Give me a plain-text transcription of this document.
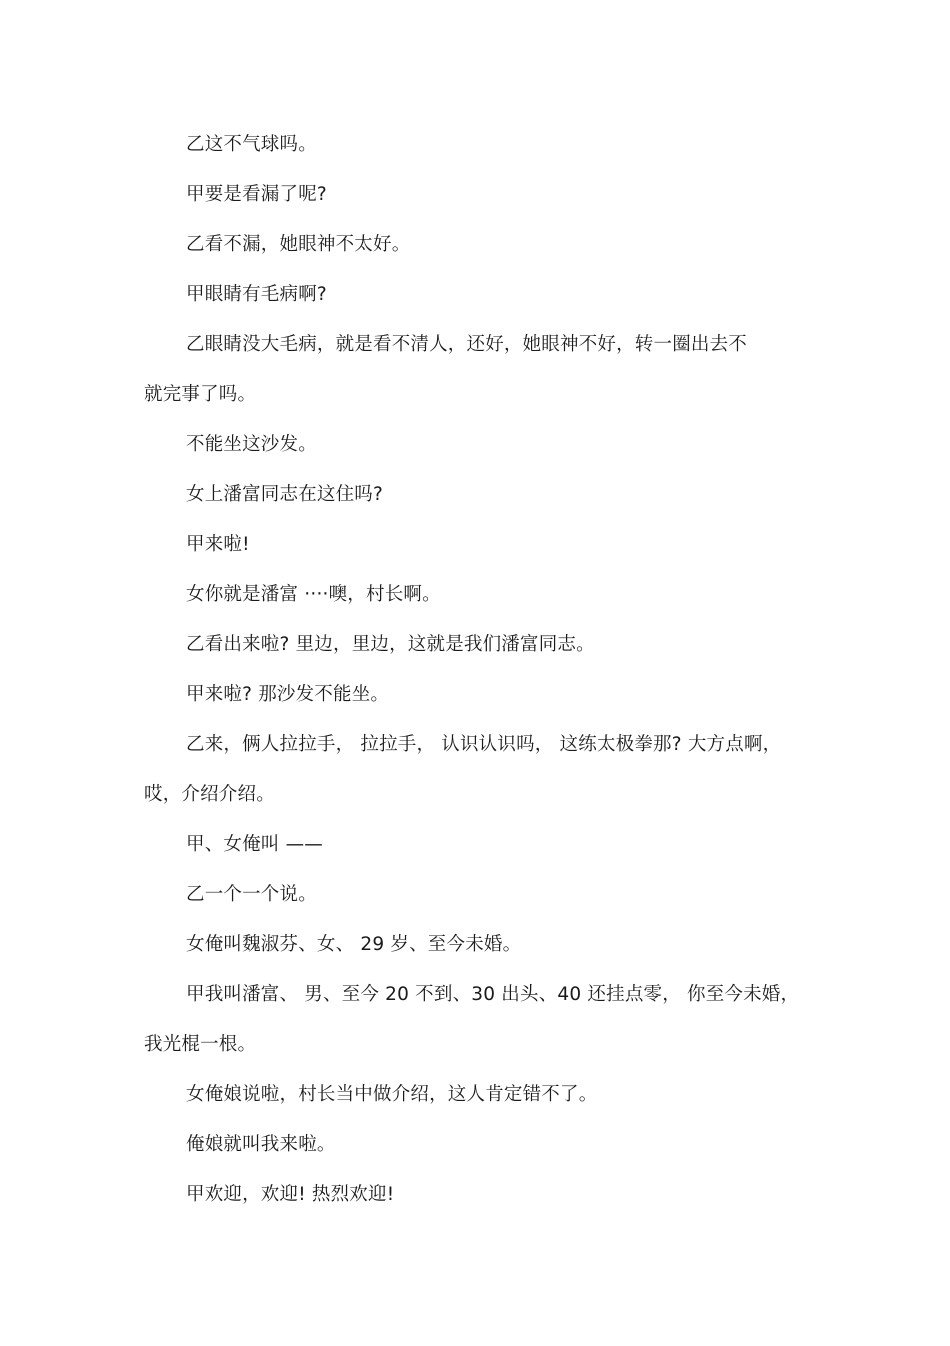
乙这不气球吗。
甲要是看漏了呢?
乙看不漏，她眼神不太好。
甲眼睛有毛病啊?
乙眼睛没大毛病，就是看不清人，还好，她眼神不好，转一圈出去不
就完事了吗。
不能坐这沙发。
女上潘富同志在这住吗?
甲来啦!
女你就是潘富 ····噢，村长啊。
乙看出来啦? 里边，里边，这就是我们潘富同志。
甲来啦? 那沙发不能坐。
乙来，俩人拉拉手， 拉拉手， 认识认识吗， 这练太极拳那? 大方点啊，
哎，介绍介绍。
甲、女俺叫 ——
乙一个一个说。
女俺叫魏淑芬、女、 29 岁、至今未婚。
甲我叫潘富、 男、至今 20 不到、30 出头、40 还挂点零， 你至今未婚，
我光棍一根。
女俺娘说啦，村长当中做介绍，这人肯定错不了。
俺娘就叫我来啦。
甲欢迎，欢迎! 热烈欢迎!
